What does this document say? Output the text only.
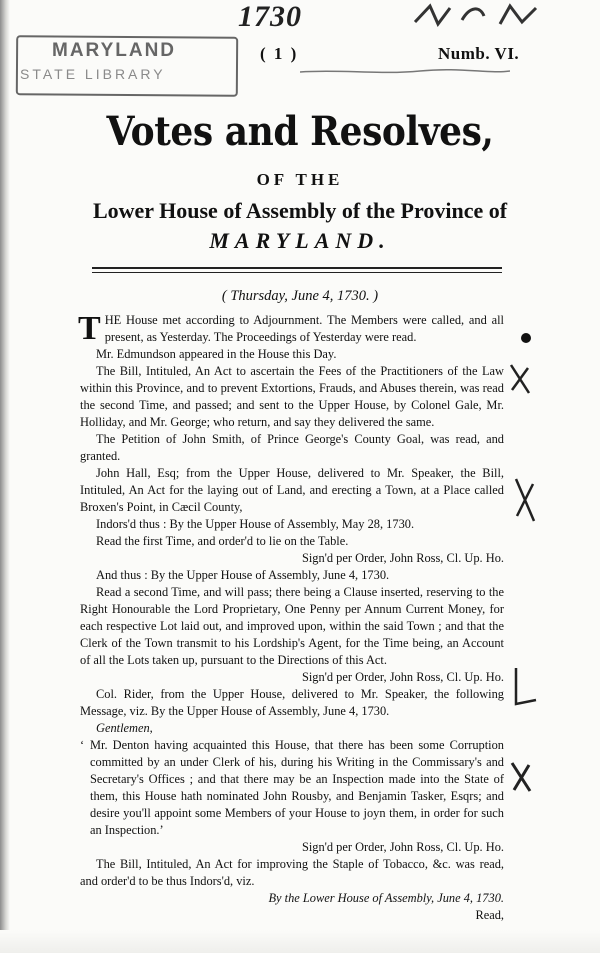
1730
MARYLAND
STATE LIBRARY
( 1 )	Numb. VI.
Votes and Resolves,
OF THE
Lower House of Assembly of the Province of
MARYLAND.
( Thursday, June 4, 1730. )

THE House met according to Adjournment. The Members were called, and all present, as Yesterday. The Proceedings of Yesterday were read.

Mr. Edmundson appeared in the House this Day.

The Bill, Intituled, An Act to ascertain the Fees of the Practitioners of the Law within this Province, and to prevent Extortions, Frauds, and Abuses therein, was read the second Time, and passed; and sent to the Upper House, by Colonel Gale, Mr. Holliday, and Mr. George; who return, and say they delivered the same.

The Petition of John Smith, of Prince George's County Goal, was read, and granted.

John Hall, Esq; from the Upper House, delivered to Mr. Speaker, the Bill, Intituled, An Act for the laying out of Land, and erecting a Town, at a Place called Broxen's Point, in Cæcil County,

Indors'd thus : By the Upper House of Assembly, May 28, 1730.

Read the first Time, and order'd to lie on the Table.

Sign'd per Order, John Ross, Cl. Up. Ho.

And thus : By the Upper House of Assembly, June 4, 1730.

Read a second Time, and will pass; there being a Clause inserted, reserving to the Right Honourable the Lord Proprietary, One Penny per Annum Current Money, for each respective Lot laid out, and improved upon, within the said Town ; and that the Clerk of the Town transmit to his Lordship's Agent, for the Time being, an Account of all the Lots taken up, pursuant to the Directions of this Act.

Sign'd per Order, John Ross, Cl. Up. Ho.

Col. Rider, from the Upper House, delivered to Mr. Speaker, the following Message, viz. By the Upper House of Assembly, June 4, 1730.

Gentlemen,

‘ Mr. Denton having acquainted this House, that there has been some Corruption committed by an under Clerk of his, during his Writing in the Commissary's and Secretary's Offices ; and that there may be an Inspection made into the State of them, this House hath nominated John Rousby, and Benjamin Tasker, Esqrs; and desire you'll appoint some Members of your House to joyn them, in order for such an Inspection.’

Sign'd per Order, John Ross, Cl. Up. Ho.

The Bill, Intituled, An Act for improving the Staple of Tobacco, &c. was read, and order'd to be thus Indors'd, viz.

By the Lower House of Assembly, June 4, 1730.

Read,
